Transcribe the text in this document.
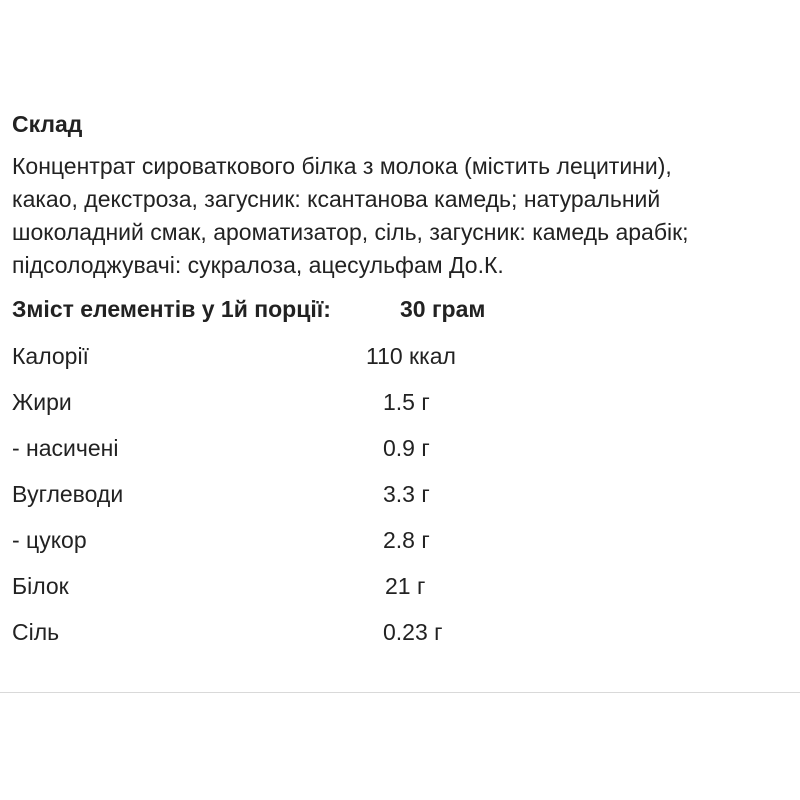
Склад
Концентрат сироваткового білка з молока (містить лецитини),
какао, декстроза, загусник: ксантанова камедь; натуральний
шоколадний смак, ароматизатор, сіль, загусник: камедь арабік;
підсолоджувачі: сукралоза, ацесульфам До.К.
Зміст елементів у 1й порції:	30 грам
Калорії	110 ккал
Жири	1.5 г
- насичені	0.9 г
Вуглеводи	3.3 г
- цукор	2.8 г
Білок	21 г
Сіль	0.23 г
